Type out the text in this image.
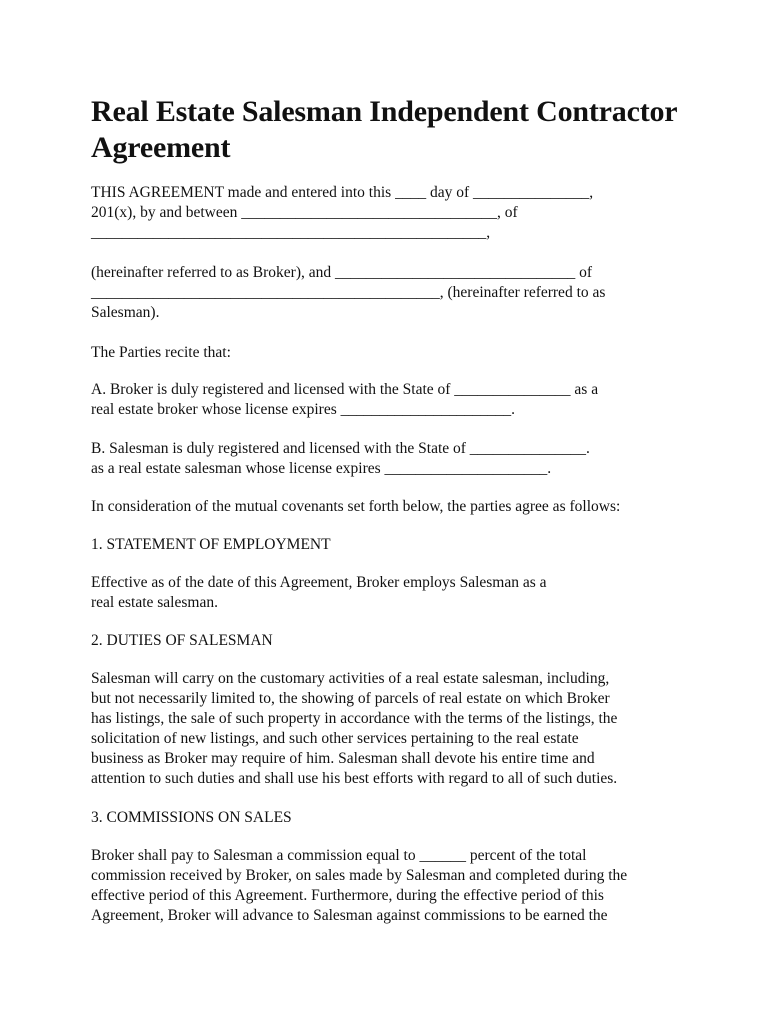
Real Estate Salesman Independent Contractor Agreement

THIS AGREEMENT made and entered into this ____ day of _______________,
201(x), by and between _________________________________, of
___________________________________________________,

(hereinafter referred to as Broker), and _______________________________ of
_____________________________________________, (hereinafter referred to as
Salesman).

The Parties recite that:

A. Broker is duly registered and licensed with the State of _______________ as a
real estate broker whose license expires ______________________.

B. Salesman is duly registered and licensed with the State of _______________.
as a real estate salesman whose license expires _____________________.

In consideration of the mutual covenants set forth below, the parties agree as follows:

1. STATEMENT OF EMPLOYMENT

Effective as of the date of this Agreement, Broker employs Salesman as a
real estate salesman.

2. DUTIES OF SALESMAN

Salesman will carry on the customary activities of a real estate salesman, including,
but not necessarily limited to, the showing of parcels of real estate on which Broker
has listings, the sale of such property in accordance with the terms of the listings, the
solicitation of new listings, and such other services pertaining to the real estate
business as Broker may require of him. Salesman shall devote his entire time and
attention to such duties and shall use his best efforts with regard to all of such duties.

3. COMMISSIONS ON SALES

Broker shall pay to Salesman a commission equal to ______ percent of the total
commission received by Broker, on sales made by Salesman and completed during the
effective period of this Agreement. Furthermore, during the effective period of this
Agreement, Broker will advance to Salesman against commissions to be earned the
